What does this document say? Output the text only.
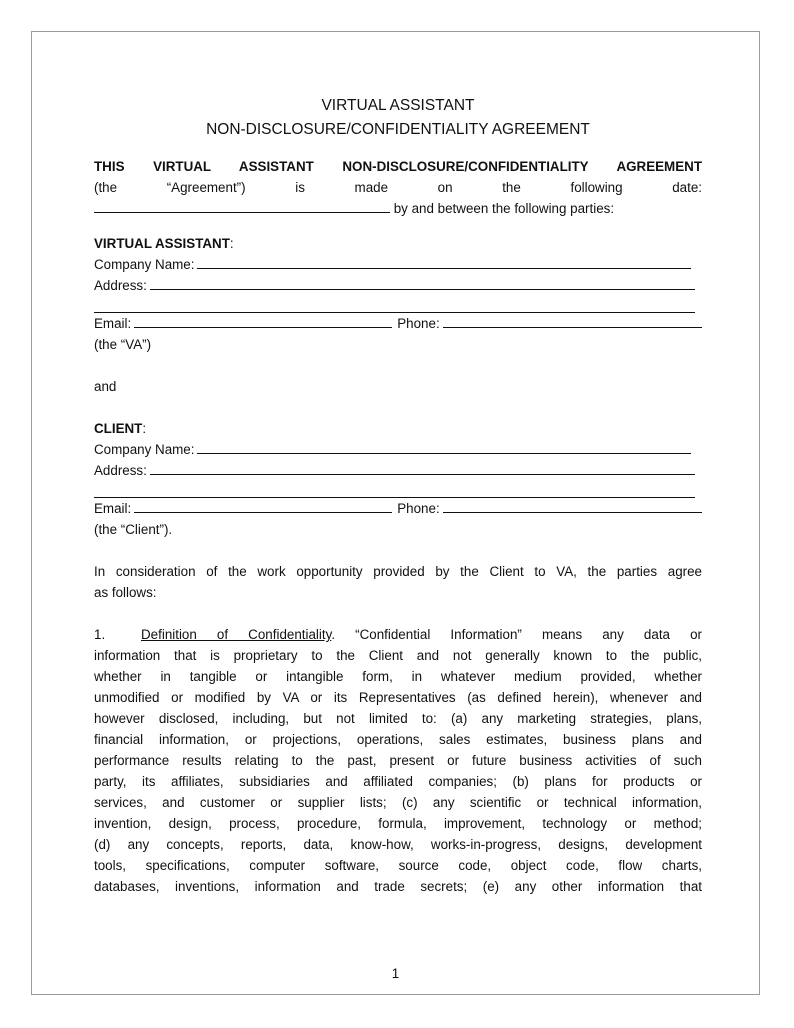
VIRTUAL ASSISTANT
NON-DISCLOSURE/CONFIDENTIALITY AGREEMENT
THIS VIRTUAL ASSISTANT NON-DISCLOSURE/CONFIDENTIALITY AGREEMENT
(the “Agreement”) is made on the following date:
by and between the following parties:
VIRTUAL ASSISTANT:
Company Name:
Address:
Email:	Phone:
(the “VA”)
and
CLIENT:
Company Name:
Address:
Email:	Phone:
(the “Client”).
In consideration of the work opportunity provided by the Client to VA, the parties agree
as follows:
1.	Definition of Confidentiality. “Confidential Information” means any data or
information that is proprietary to the Client and not generally known to the public,
whether in tangible or intangible form, in whatever medium provided, whether
unmodified or modified by VA or its Representatives (as defined herein), whenever and
however disclosed, including, but not limited to: (a) any marketing strategies, plans,
financial information, or projections, operations, sales estimates, business plans and
performance results relating to the past, present or future business activities of such
party, its affiliates, subsidiaries and affiliated companies; (b) plans for products or
services, and customer or supplier lists; (c) any scientific or technical information,
invention, design, process, procedure, formula, improvement, technology or method;
(d) any concepts, reports, data, know-how, works-in-progress, designs, development
tools, specifications, computer software, source code, object code, flow charts,
databases, inventions, information and trade secrets; (e) any other information that
1
